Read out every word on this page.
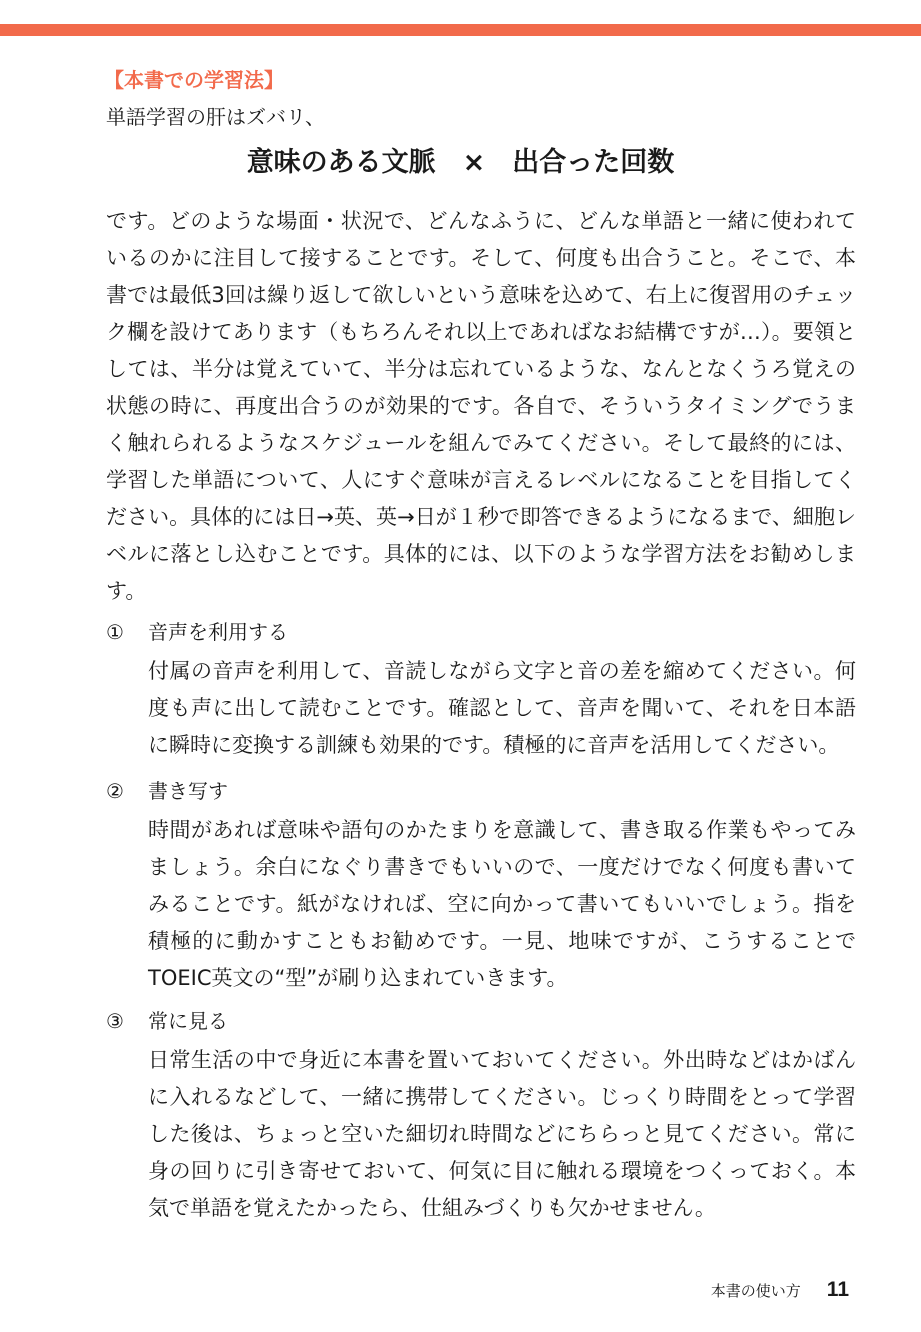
【本書での学習法】
単語学習の肝はズバリ、
意味のある文脈　×　出合った回数

です。どのような場面・状況で、どんなふうに、どんな単語と一緒に使われているのかに注目して接することです。そして、何度も出合うこと。そこで、本書では最低3回は繰り返して欲しいという意味を込めて、右上に復習用のチェック欄を設けてあります（もちろんそれ以上であればなお結構ですが…）。要領としては、半分は覚えていて、半分は忘れているような、なんとなくうろ覚えの状態の時に、再度出合うのが効果的です。各自で、そういうタイミングでうまく触れられるようなスケジュールを組んでみてください。そして最終的には、学習した単語について、人にすぐ意味が言えるレベルになることを目指してください。具体的には日→英、英→日が１秒で即答できるようになるまで、細胞レベルに落とし込むことです。具体的には、以下のような学習方法をお勧めします。

①	音声を利用する

付属の音声を利用して、音読しながら文字と音の差を縮めてください。何度も声に出して読むことです。確認として、音声を聞いて、それを日本語に瞬時に変換する訓練も効果的です。積極的に音声を活用してください。

②	書き写す

時間があれば意味や語句のかたまりを意識して、書き取る作業もやってみましょう。余白になぐり書きでもいいので、一度だけでなく何度も書いてみることです。紙がなければ、空に向かって書いてもいいでしょう。指を積極的に動かすこともお勧めです。一見、地味ですが、こうすることでTOEIC英文の“型”が刷り込まれていきます。

③	常に見る

日常生活の中で身近に本書を置いておいてください。外出時などはかばんに入れるなどして、一緒に携帯してください。じっくり時間をとって学習した後は、ちょっと空いた細切れ時間などにちらっと見てください。常に身の回りに引き寄せておいて、何気に目に触れる環境をつくっておく。本気で単語を覚えたかったら、仕組みづくりも欠かせません。

本書の使い方 11
